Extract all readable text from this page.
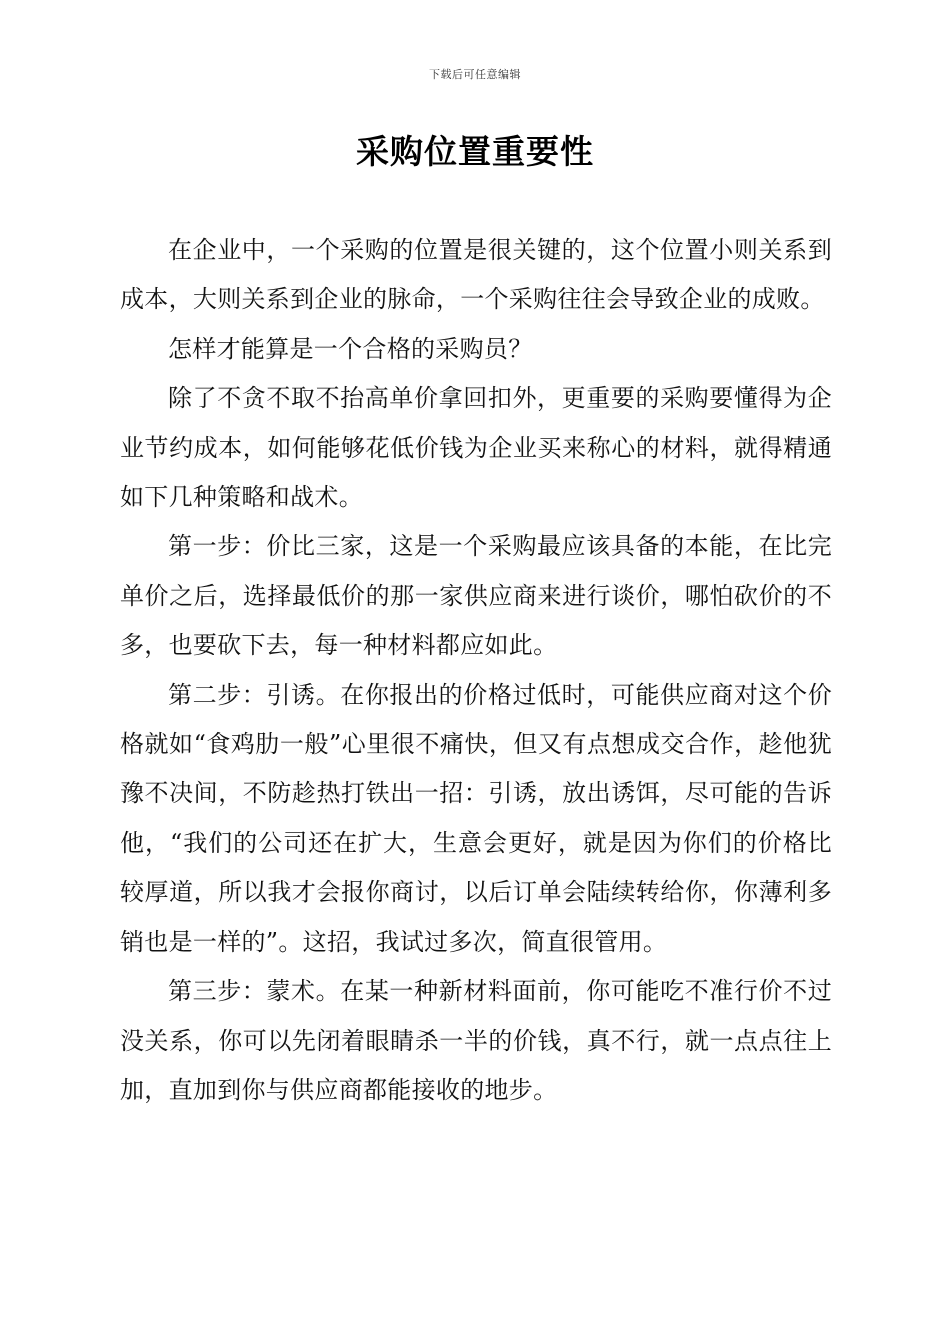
下载后可任意编辑
采购位置重要性

在企业中，一个采购的位置是很关键的，这个位置小则关系到成本，大则关系到企业的脉命，一个采购往往会导致企业的成败。

怎样才能算是一个合格的采购员？

除了不贪不取不抬高单价拿回扣外，更重要的采购要懂得为企业节约成本，如何能够花低价钱为企业买来称心的材料，就得精通如下几种策略和战术。

第一步：价比三家，这是一个采购最应该具备的本能，在比完单价之后，选择最低价的那一家供应商来进行谈价，哪怕砍价的不多，也要砍下去，每一种材料都应如此。

第二步：引诱。在你报出的价格过低时，可能供应商对这个价格就如“食鸡肋一般”心里很不痛快，但又有点想成交合作，趁他犹豫不决间，不防趁热打铁出一招：引诱，放出诱饵，尽可能的告诉他，“我们的公司还在扩大，生意会更好，就是因为你们的价格比较厚道，所以我才会报你商讨，以后订单会陆续转给你，你薄利多销也是一样的”。这招，我试过多次，简直很管用。

第三步：蒙术。在某一种新材料面前，你可能吃不准行价不过没关系，你可以先闭着眼睛杀一半的价钱，真不行，就一点点往上加，直加到你与供应商都能接收的地步。
